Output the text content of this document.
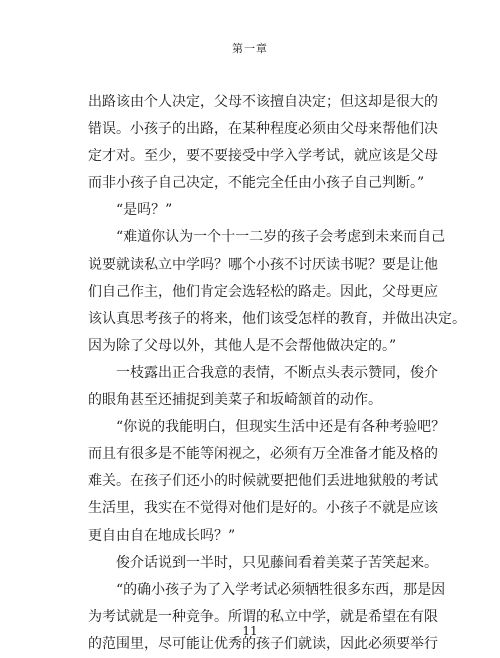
第一章
出路该由个人决定，父母不该擅自决定；但这却是很大的
错误。小孩子的出路，在某种程度必须由父母来帮他们决
定才对。至少，要不要接受中学入学考试，就应该是父母
而非小孩子自己决定，不能完全任由小孩子自己判断。”
“是吗？”
“难道你认为一个十一二岁的孩子会考虑到未来而自己
说要就读私立中学吗？哪个小孩不讨厌读书呢？要是让他
们自己作主，他们肯定会选轻松的路走。因此，父母更应
该认真思考孩子的将来，他们该受怎样的教育，并做出决定。
因为除了父母以外，其他人是不会帮他做决定的。”
一枝露出正合我意的表情，不断点头表示赞同，俊介
的眼角甚至还捕捉到美菜子和坂崎颔首的动作。
“你说的我能明白，但现实生活中还是有各种考验吧？
而且有很多是不能等闲视之，必须有万全准备才能及格的
难关。在孩子们还小的时候就要把他们丢进地狱般的考试
生活里，我实在不觉得对他们是好的。小孩子不就是应该
更自由自在地成长吗？”
俊介话说到一半时，只见藤间看着美菜子苦笑起来。
“的确小孩子为了入学考试必须牺牲很多东西，那是因
为考试就是一种竞争。所谓的私立中学，就是希望在有限
的范围里，尽可能让优秀的孩子们就读，因此必须要举行
11
